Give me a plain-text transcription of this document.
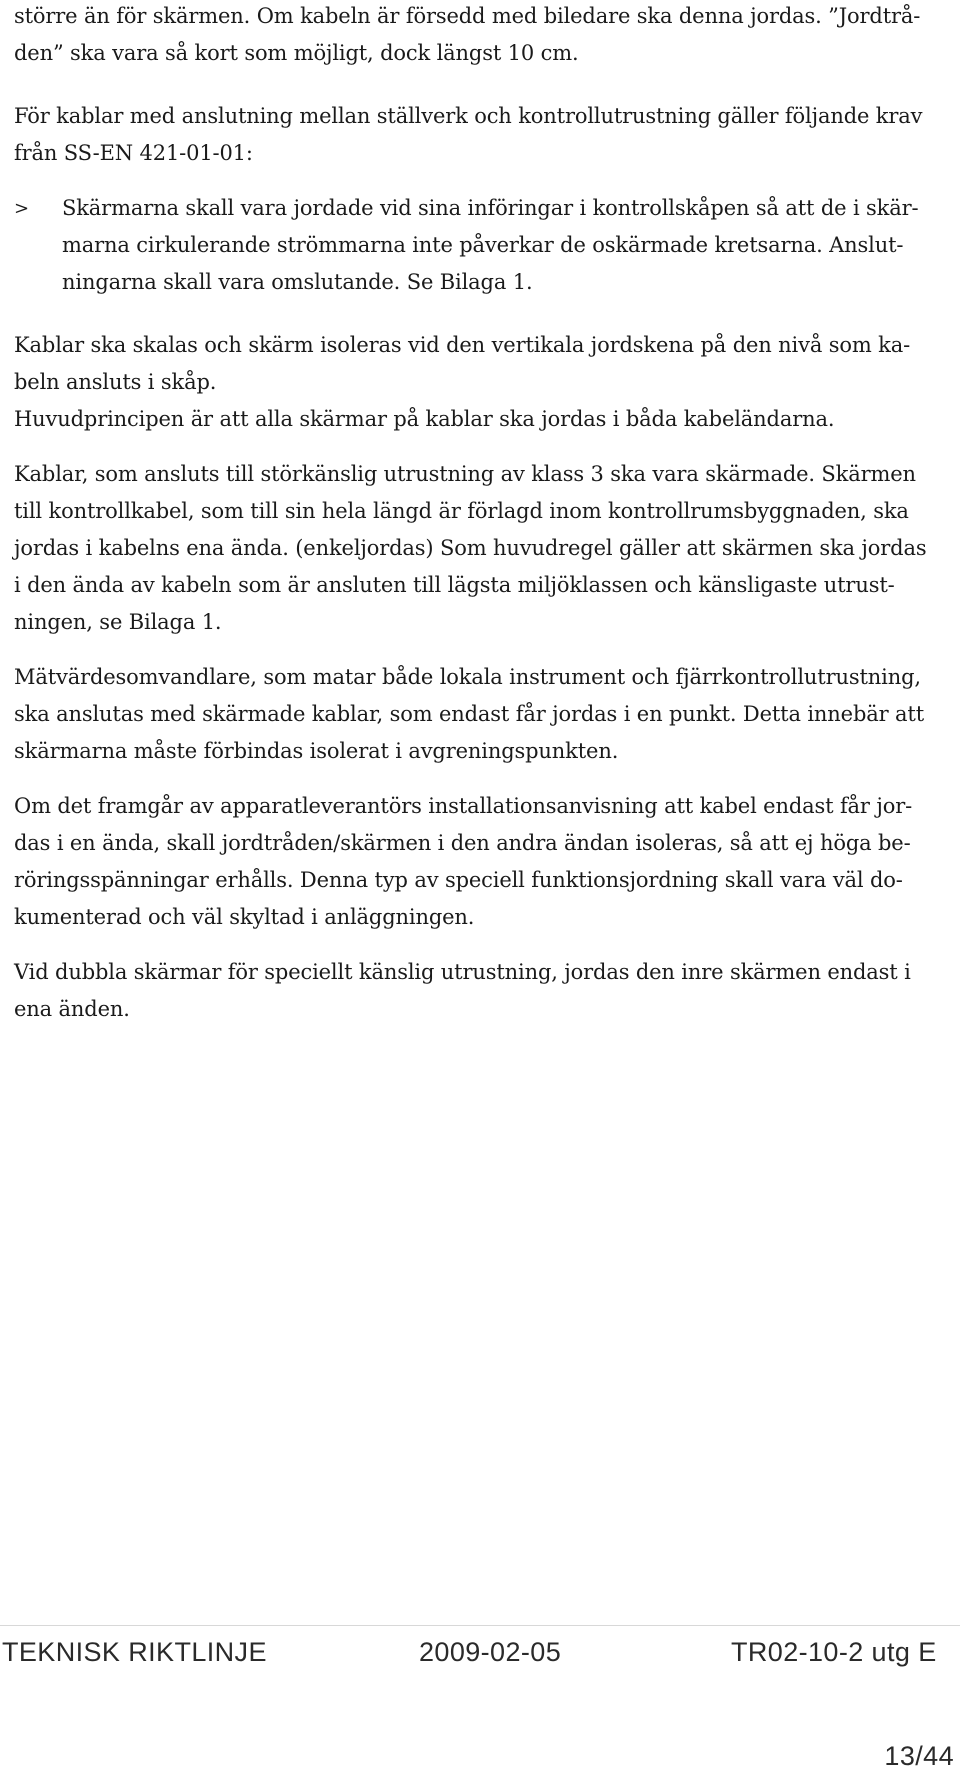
större än för skärmen. Om kabeln är försedd med biledare ska denna jordas. ”Jordtrå-
den” ska vara så kort som möjligt, dock längst 10 cm.

För kablar med anslutning mellan ställverk och kontrollutrustning gäller följande krav
från SS-EN 421-01-01:

>	Skärmarna skall vara jordade vid sina införingar i kontrollskåpen så att de i skär-
marna cirkulerande strömmarna inte påverkar de oskärmade kretsarna. Anslut-
ningarna skall vara omslutande. Se Bilaga 1.

Kablar ska skalas och skärm isoleras vid den vertikala jordskena på den nivå som ka-
beln ansluts i skåp.

Huvudprincipen är att alla skärmar på kablar ska jordas i båda kabeländarna.

Kablar, som ansluts till störkänslig utrustning av klass 3 ska vara skärmade. Skärmen
till kontrollkabel, som till sin hela längd är förlagd inom kontrollrumsbyggnaden, ska
jordas i kabelns ena ända. (enkeljordas) Som huvudregel gäller att skärmen ska jordas
i den ända av kabeln som är ansluten till lägsta miljöklassen och känsligaste utrust-
ningen, se Bilaga 1.

Mätvärdesomvandlare, som matar både lokala instrument och fjärrkontrollutrustning,
ska anslutas med skärmade kablar, som endast får jordas i en punkt. Detta innebär att
skärmarna måste förbindas isolerat i avgreningspunkten.

Om det framgår av apparatleverantörs installationsanvisning att kabel endast får jor-
das i en ända, skall jordtråden/skärmen i den andra ändan isoleras, så att ej höga be-
röringsspänningar erhålls. Denna typ av speciell funktionsjordning skall vara väl do-
kumenterad och väl skyltad i anläggningen.

Vid dubbla skärmar för speciellt känslig utrustning, jordas den inre skärmen endast i
ena änden.

TEKNISK RIKTLINJE	2009-02-05	TR02-10-2 utg E
13/44
